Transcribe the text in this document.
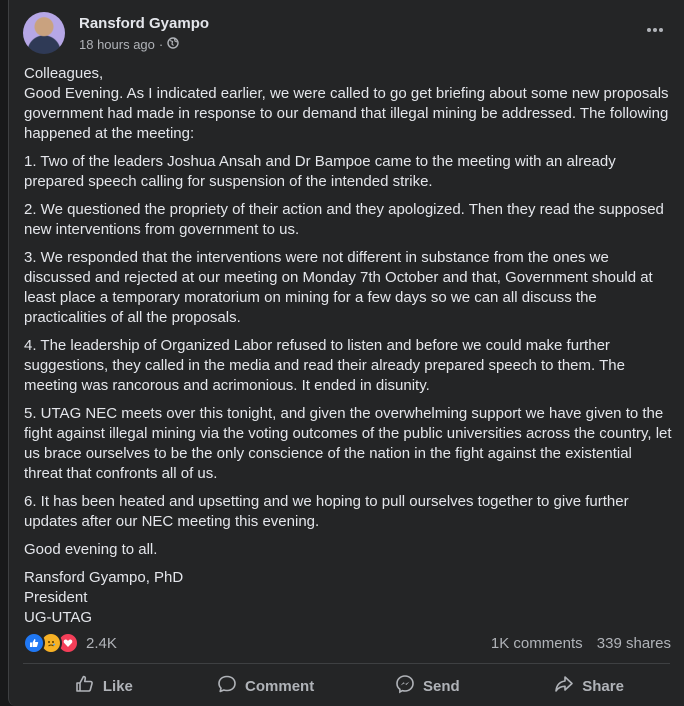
Ransford Gyampo
18 hours ago ·

Colleagues,
Good Evening. As I indicated earlier, we were called to go get briefing about some new proposals government had made in response to our demand that illegal mining be addressed. The following happened at the meeting:

1. Two of the leaders Joshua Ansah and Dr Bampoe came to the meeting with an already prepared speech calling for suspension of the intended strike.

2. We questioned the propriety of their action and they apologized. Then they read the supposed new interventions from government to us.

3. We responded that the interventions were not different in substance from the ones we discussed and rejected at our meeting on Monday 7th October and that, Government should at least place a temporary moratorium on mining for a few days so we can all discuss the practicalities of all the proposals.

4. The leadership of Organized Labor refused to listen and before we could make further suggestions, they called in the media and read their already prepared speech to them. The meeting was rancorous and acrimonious. It ended in disunity.

5. UTAG NEC meets over this tonight, and given the overwhelming support we have given to the fight against illegal mining via the voting outcomes of the public universities across the country, let us brace ourselves to be the only conscience of the nation in the fight against the existential threat that confronts all of us.

6. It has been heated and upsetting and we hoping to pull ourselves together to give further updates after our NEC meeting this evening.

Good evening to all.

Ransford Gyampo, PhD
President
UG-UTAG

2.4K	1K comments 339 shares
Like	Comment	Send	Share
